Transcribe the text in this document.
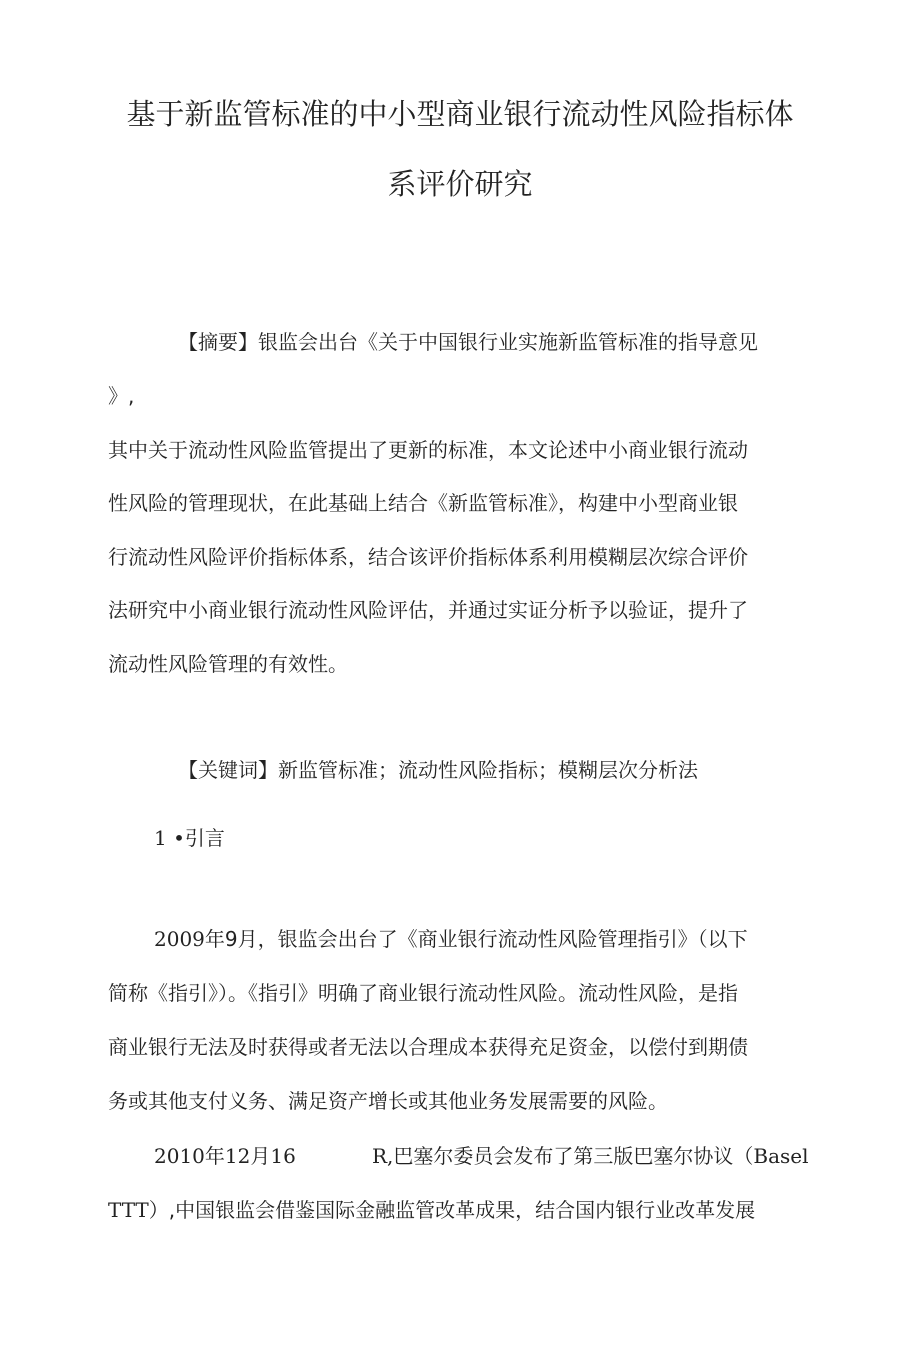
基于新监管标准的中小型商业银行流动性风险指标体
系评价研究
【摘要】银监会出台《关于中国银行业实施新监管标准的指导意见
》,
其中关于流动性风险监管提出了更新的标准，本文论述中小商业银行流动
性风险的管理现状，在此基础上结合《新监管标准》，构建中小型商业银
行流动性风险评价指标体系，结合该评价指标体系利用模糊层次综合评价
法研究中小商业银行流动性风险评估，并通过实证分析予以验证，提升了
流动性风险管理的有效性。
【关键词】新监管标准；流动性风险指标；模糊层次分析法
1 •引言
2009年9月，银监会出台了《商业银行流动性风险管理指引》（以下
简称《指引》）。《指引》明确了商业银行流动性风险。流动性风险，是指
商业银行无法及时获得或者无法以合理成本获得充足资金，以偿付到期债
务或其他支付义务、满足资产增长或其他业务发展需要的风险。
2010年12月16	R,巴塞尔委员会发布了第三版巴塞尔协议（Basel
TTT）,中国银监会借鉴国际金融监管改革成果，结合国内银行业改革发展
